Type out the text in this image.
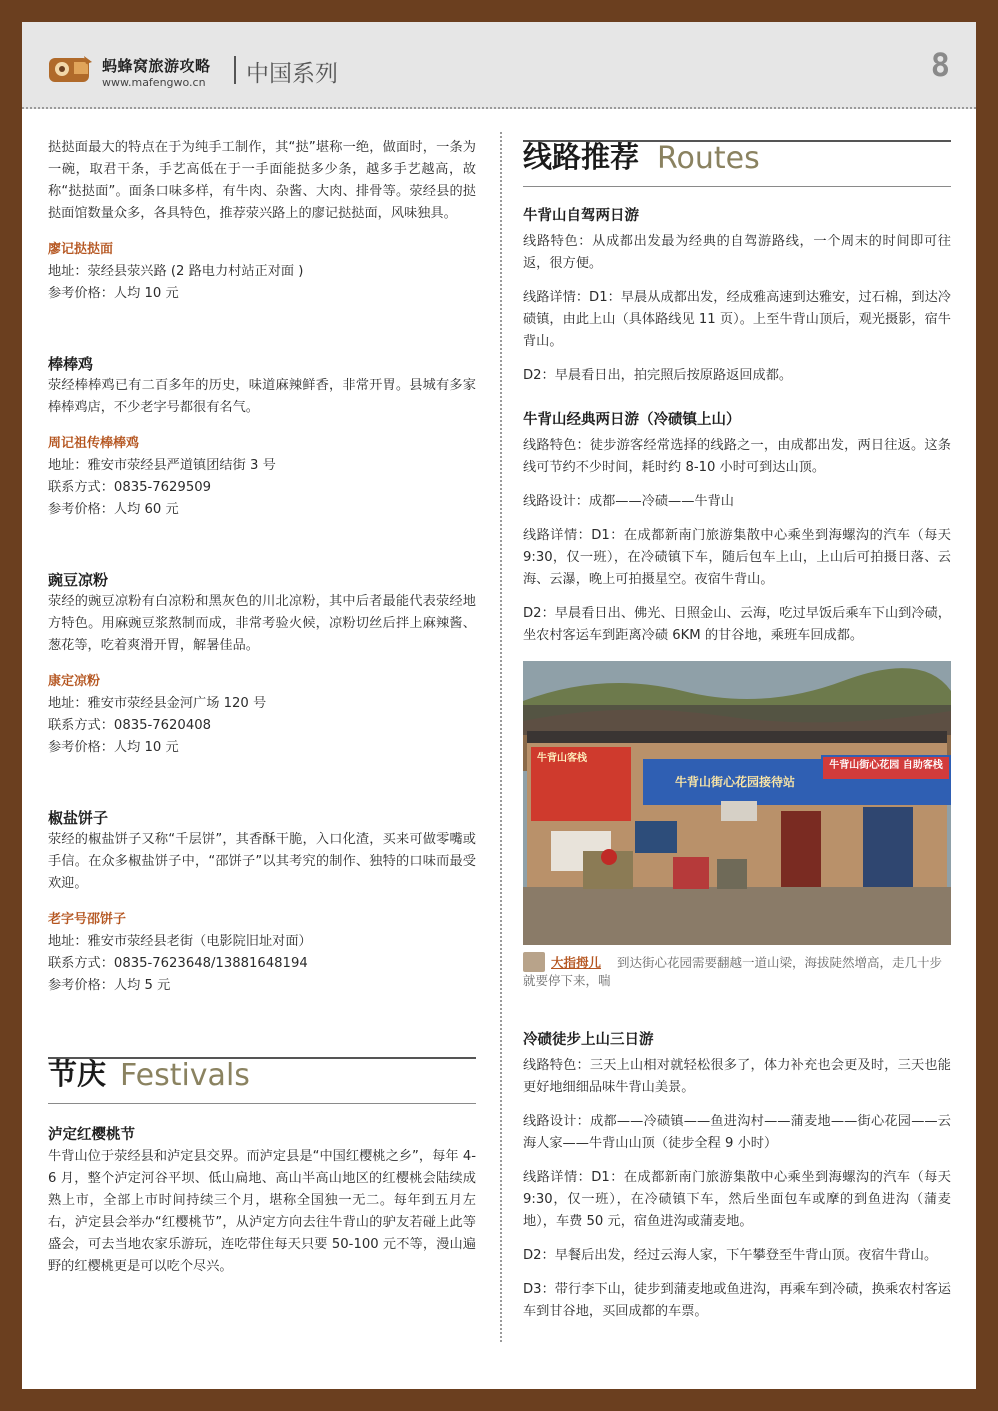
蚂蜂窝旅游攻略
www.mafengwo.cn 中国系列	8

挞挞面最大的特点在于为纯手工制作，其“挞”堪称一绝，做面时，一条为一碗，取君干条，手艺高低在于一手面能挞多少条，越多手艺越高，故称“挞挞面”。面条口味多样，有牛肉、杂酱、大肉、排骨等。荥经县的挞挞面馆数量众多，各具特色，推荐荥兴路上的廖记挞挞面，风味独具。

廖记挞挞面

地址：荥经县荥兴路 (2 路电力村站正对面 )

参考价格：人均 10 元

棒棒鸡

荥经棒棒鸡已有二百多年的历史，味道麻辣鲜香，非常开胃。县城有多家棒棒鸡店，不少老字号都很有名气。

周记祖传棒棒鸡

地址：雅安市荥经县严道镇团结街 3 号

联系方式：0835-7629509

参考价格：人均 60 元

豌豆凉粉

荥经的豌豆凉粉有白凉粉和黑灰色的川北凉粉，其中后者最能代表荥经地方特色。用麻豌豆浆熬制而成，非常考验火候，凉粉切丝后拌上麻辣酱、葱花等，吃着爽滑开胃，解暑佳品。

康定凉粉

地址：雅安市荥经县金河广场 120 号

联系方式：0835-7620408

参考价格：人均 10 元

椒盐饼子

荥经的椒盐饼子又称“千层饼”，其香酥干脆，入口化渣，买来可做零嘴或手信。在众多椒盐饼子中，“邵饼子”以其考究的制作、独特的口味而最受欢迎。

老字号邵饼子

地址：雅安市荥经县老街（电影院旧址对面）

联系方式：0835-7623648/13881648194

参考价格：人均 5 元

节庆 Festivals

泸定红樱桃节

牛背山位于荥经县和泸定县交界。而泸定县是“中国红樱桃之乡”，每年 4-6 月，整个泸定河谷平坝、低山扁地、高山半高山地区的红樱桃会陆续成熟上市，全部上市时间持续三个月，堪称全国独一无二。每年到五月左右，泸定县会举办“红樱桃节”，从泸定方向去往牛背山的驴友若碰上此等盛会，可去当地农家乐游玩，连吃带住每天只要 50-100 元不等，漫山遍野的红樱桃更是可以吃个尽兴。

线路推荐 Routes

牛背山自驾两日游

线路特色：从成都出发最为经典的自驾游路线，一个周末的时间即可往返，很方便。

线路详情：D1：早晨从成都出发，经成雅高速到达雅安，过石棉，到达冷碛镇，由此上山（具体路线见 11 页）。上至牛背山顶后，观光摄影，宿牛背山。

D2：早晨看日出，拍完照后按原路返回成都。

牛背山经典两日游（冷碛镇上山）

线路特色：徒步游客经常选择的线路之一，由成都出发，两日往返。这条线可节约不少时间，耗时约 8-10 小时可到达山顶。

线路设计：成都——冷碛——牛背山

线路详情：D1：在成都新南门旅游集散中心乘坐到海螺沟的汽车（每天 9:30，仅一班），在冷碛镇下车，随后包车上山，上山后可拍摄日落、云海、云瀑，晚上可拍摄星空。夜宿牛背山。

D2：早晨看日出、佛光、日照金山、云海，吃过早饭后乘车下山到冷碛，坐农村客运车到距离冷碛 6KM 的甘谷地，乘班车回成都。

牛背山客栈
牛背山街心花园接待站
牛背山街心花园 自助客栈
大指拇儿 到达街心花园需要翻越一道山梁，海拔陡然增高，走几十步就要停下来，喘

冷碛徒步上山三日游

线路特色：三天上山相对就轻松很多了，体力补充也会更及时，三天也能更好地细细品味牛背山美景。

线路设计：成都——冷碛镇——鱼进沟村——蒲麦地——街心花园——云海人家——牛背山山顶（徒步全程 9 小时）

线路详情：D1：在成都新南门旅游集散中心乘坐到海螺沟的汽车（每天 9:30，仅一班），在冷碛镇下车，然后坐面包车或摩的到鱼进沟（蒲麦地），车费 50 元，宿鱼进沟或蒲麦地。

D2：早餐后出发，经过云海人家，下午攀登至牛背山顶。夜宿牛背山。

D3：带行李下山，徒步到蒲麦地或鱼进沟，再乘车到冷碛，换乘农村客运车到甘谷地，买回成都的车票。
